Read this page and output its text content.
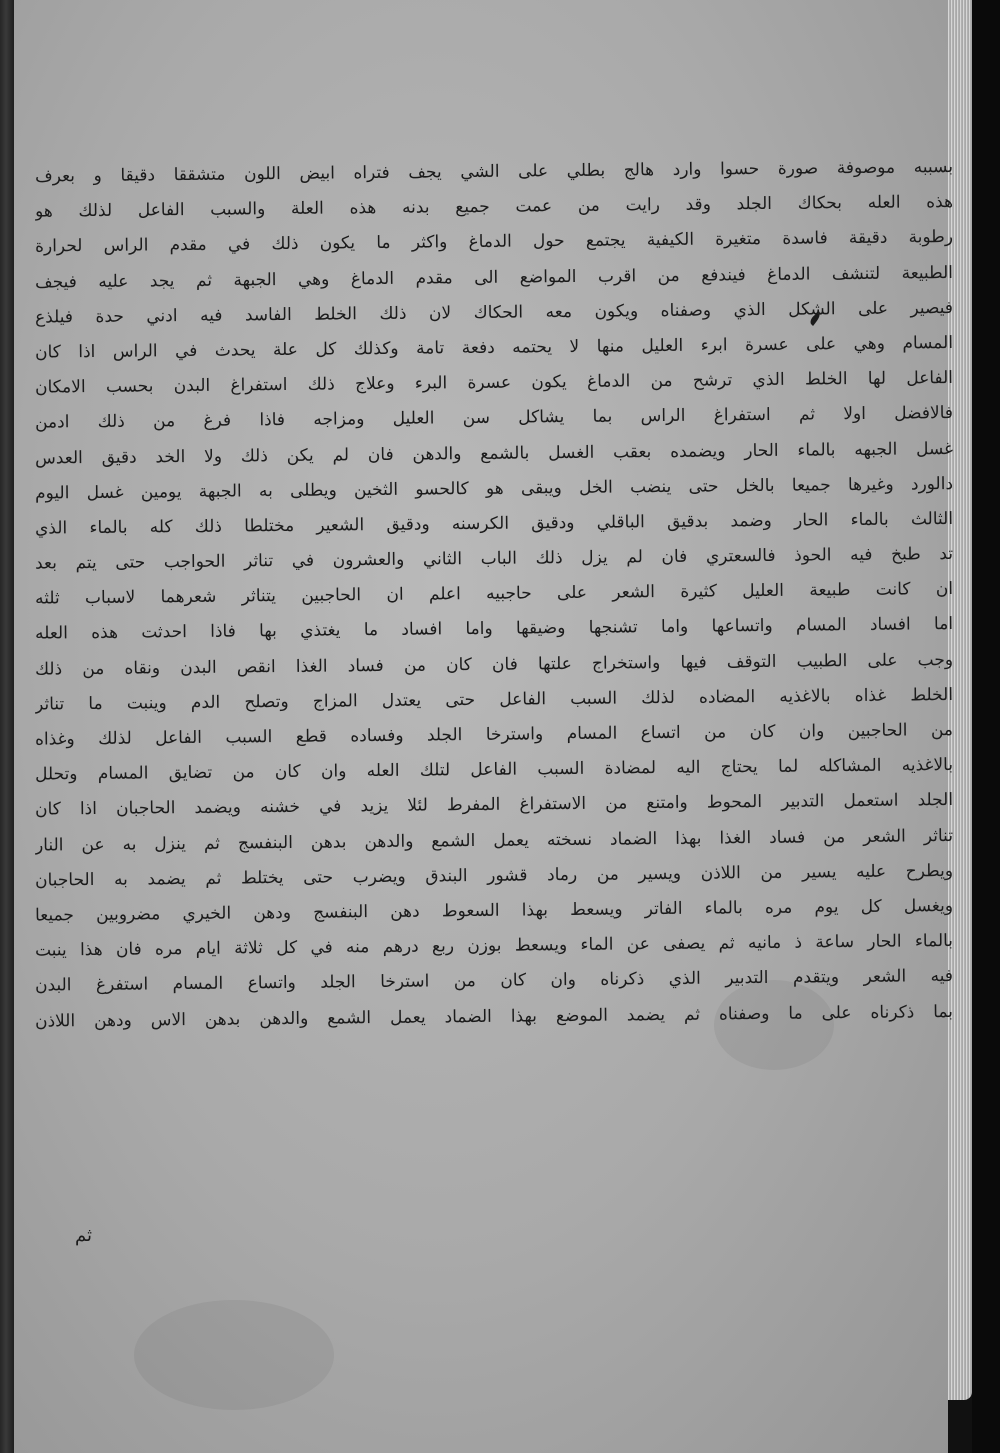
بسببه موصوفة صورة حسوا وارد هالج بطلي على الشي يجف فتراه ابيض اللون متشققا دقيقا و بعرف
هذه العله بحكاك الجلد وقد رايت من عمت جميع بدنه هذه العلة والسبب الفاعل لذلك هو
رطوبة دقيقة فاسدة متغيرة الكيفية يجتمع حول الدماغ واكثر ما يكون ذلك في مقدم الراس لحرارة
الطبيعة لتنشف الدماغ فيندفع من اقرب المواضع الى مقدم الدماغ وهي الجبهة ثم يجد عليه فيجف
فيصير على الشكل الذي وصفناه ويكون معه الحكاك لان ذلك الخلط الفاسد فيه ادني حدة فيلذع
المسام وهي على عسرة ابرء العليل منها لا يحتمه دفعة تامة وكذلك كل علة يحدث في الراس اذا كان
الفاعل لها الخلط الذي ترشح من الدماغ يكون عسرة البرء وعلاج ذلك استفراغ البدن بحسب الامكان
فالافضل اولا ثم استفراغ الراس بما يشاكل سن العليل ومزاجه فاذا فرغ من ذلك ادمن
غسل الجبهه بالماء الحار ويضمده بعقب الغسل بالشمع والدهن فان لم يكن ذلك ولا الخد دقيق العدس
دالورد وغيرها جميعا بالخل حتى ينضب الخل ويبقى هو كالحسو الثخين ويطلى به الجبهة يومين غسل اليوم
الثالث بالماء الحار وضمد بدقيق الباقلي ودقيق الكرسنه ودقيق الشعير مختلطا ذلك كله بالماء الذي
تد طبخ فيه الحوذ فالسعتري فان لم يزل ذلك الباب الثاني والعشرون في تناثر الحواجب حتى يتم بعد
ان كانت طبيعة العليل كثيرة الشعر على حاجبيه اعلم ان الحاجبين يتناثر شعرهما لاسباب ثلثه
اما افساد المسام واتساعها واما تشنجها وضيقها واما افساد ما يغتذي بها فاذا احدثت هذه العله
وجب على الطبيب التوقف فيها واستخراج علتها فان كان من فساد الغذا انقص البدن ونقاه من ذلك
الخلط غذاه بالاغذيه المضاده لذلك السبب الفاعل حتى يعتدل المزاج وتصلح الدم وينبت ما تناثر
من الحاجبين وان كان من اتساع المسام واسترخا الجلد وفساده قطع السبب الفاعل لذلك وغذاه
بالاغذيه المشاكله لما يحتاج اليه لمضادة السبب الفاعل لتلك العله وان كان من تضايق المسام وتحلل
الجلد استعمل التدبير المحوط وامتنع من الاستفراغ المفرط لئلا يزيد في خشنه ويضمد الحاجبان اذا كان
تناثر الشعر من فساد الغذا بهذا الضماد نسخته يعمل الشمع والدهن بدهن البنفسج ثم ينزل به عن النار
ويطرح عليه يسير من اللاذن ويسير من رماد قشور البندق ويضرب حتى يختلط ثم يضمد به الحاجبان
ويغسل كل يوم مره بالماء الفاتر ويسعط بهذا السعوط دهن البنفسج ودهن الخيري مضروبين جميعا
بالماء الحار ساعة ذ مانيه ثم يصفى عن الماء ويسعط بوزن ربع درهم منه في كل ثلاثة ايام مره فان هذا ينبت
فيه الشعر ويتقدم التدبير الذي ذكرناه وان كان من استرخا الجلد واتساع المسام استفرغ البدن
بما ذكرناه على ما وصفناه ثم يضمد الموضع بهذا الضماد يعمل الشمع والدهن بدهن الاس ودهن اللاذن
ثم
